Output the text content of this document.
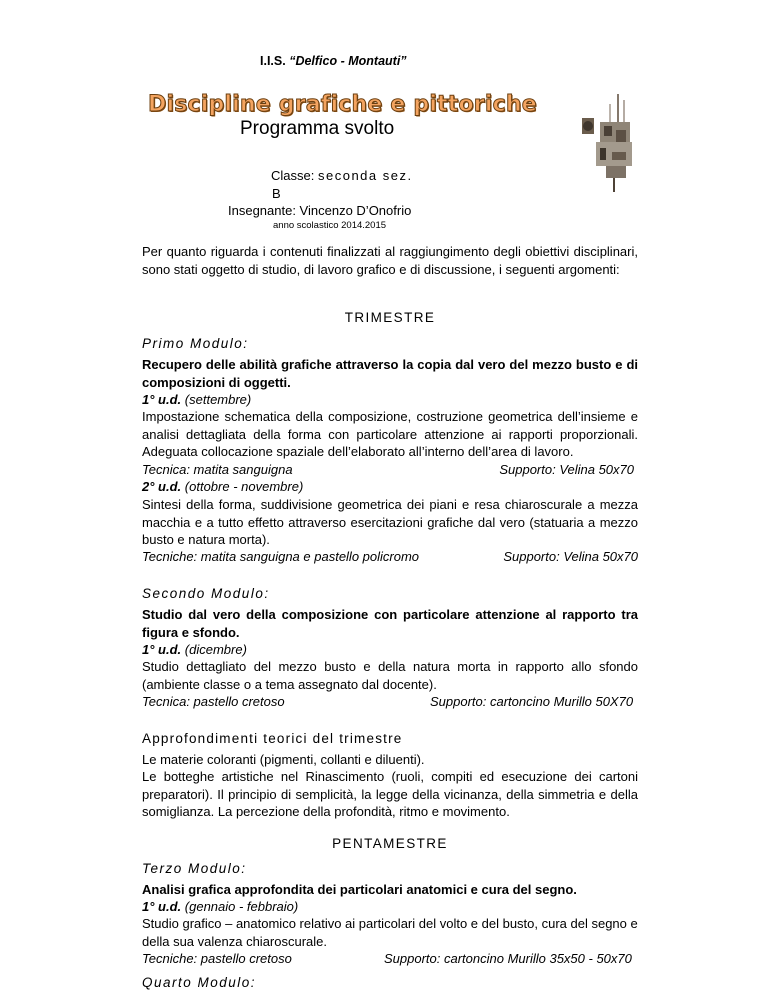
I.I.S. “Delfico - Montauti”
Discipline grafiche e pittoriche
Programma svolto
Classe: seconda sez.
B
Insegnante: Vincenzo D’Onofrio
anno scolastico 2014.2015
Per quanto riguarda i contenuti finalizzati al raggiungimento degli obiettivi disciplinari, sono stati oggetto di studio, di lavoro grafico e di discussione, i seguenti argomenti:
TRIMESTRE
Primo Modulo:
Recupero delle abilità grafiche attraverso la copia dal vero del mezzo busto e di composizioni di oggetti.
1° u.d. (settembre)
Impostazione schematica della composizione, costruzione geometrica dell’insieme e analisi dettagliata della forma con particolare attenzione ai rapporti proporzionali. Adeguata collocazione spaziale dell’elaborato all’interno dell’area di lavoro.
Tecnica: matita sanguigna	Supporto: Velina 50x70
2° u.d. (ottobre - novembre)
Sintesi della forma, suddivisione geometrica dei piani e resa chiaroscurale a mezza macchia e a tutto effetto attraverso esercitazioni grafiche dal vero (statuaria a mezzo busto e natura morta).
Tecniche: matita sanguigna e pastello policromo	Supporto: Velina 50x70
Secondo Modulo:
Studio dal vero della composizione con particolare attenzione al rapporto tra figura e sfondo.
1° u.d. (dicembre)
Studio dettagliato del mezzo busto e della natura morta in rapporto allo sfondo (ambiente classe o a tema assegnato dal docente).
Tecnica: pastello cretoso	Supporto: cartoncino Murillo 50X70
Approfondimenti teorici del trimestre
Le materie coloranti (pigmenti, collanti e diluenti).
Le botteghe artistiche nel Rinascimento (ruoli, compiti ed esecuzione dei cartoni preparatori). Il principio di semplicità, la legge della vicinanza, della simmetria e della somiglianza. La percezione della profondità, ritmo e movimento.
PENTAMESTRE
Terzo Modulo:
Analisi grafica approfondita dei particolari anatomici e cura del segno.
1° u.d. (gennaio - febbraio)
Studio grafico – anatomico relativo ai particolari del volto e del busto, cura del segno e della sua valenza chiaroscurale.
Tecniche: pastello cretoso	Supporto: cartoncino Murillo 35x50 - 50x70
Quarto Modulo:
